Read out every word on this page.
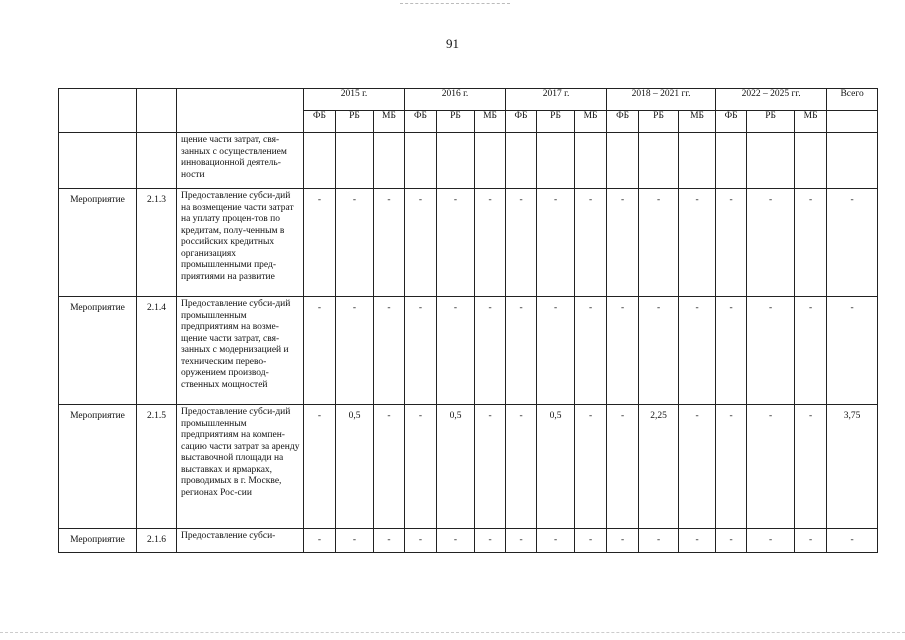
91
			2015 г.			2016 г.			2017 г.			2018 – 2021 гг.			2022 – 2025 гг.			Всего
			ФБ	РБ	МБ	ФБ	РБ	МБ	ФБ	РБ	МБ	ФБ	РБ	МБ	ФБ	РБ	МБ	
		щение части затрат, свя-занных с осуществлением инновационной деятель-ности																
Мероприятие	2.1.3	Предоставление субси-дий на возмещение части затрат на уплату процен-тов по кредитам, полу-ченным в российских кредитных организациях промышленными пред-приятиями на развитие	-	-	-	-	-	-	-	-	-	-	-	-	-	-	-	-
Мероприятие	2.1.4	Предоставление субси-дий промышленным предприятиям на возме-щение части затрат, свя-занных с модернизацией и техническим перево-оружением производ-ственных мощностей	-	-	-	-	-	-	-	-	-	-	-	-	-	-	-	-
Мероприятие	2.1.5	Предоставление субси-дий промышленным предприятиям на компен-сацию части затрат за аренду выставочной площади на выставках и ярмарках, проводимых в г. Москве, регионах Рос-сии	-	0,5	-	-	0,5	-	-	0,5	-	-	2,25	-	-	-	-	3,75
Мероприятие	2.1.6	Предоставление субси-	-	-	-	-	-	-	-	-	-	-	-	-	-	-	-	-
